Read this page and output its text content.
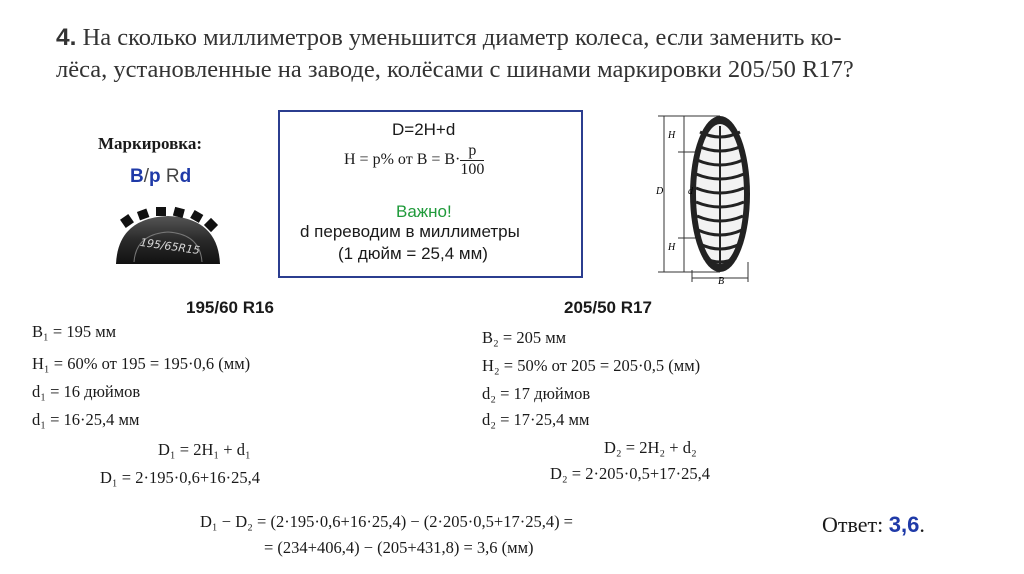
4. На сколько миллиметров уменьшится диаметр колеса, если заменить ко-
лёса, установленные на заводе, колёсами с шинами маркировки 205/50 R17?
Маркировка:
B/p Rd
195/65R15
D=2H+d
H = p% от $B = B\cdot \frac{p}{100}$
Важно!
d переводим в миллиметры
(1 дюйм = 25,4 мм)
H
D d
H
B
195/60 R16
B₁ = 195 мм
H₁ = 60% от 195 = 195·0,6 (мм)
d₁ = 16 дюймов
d₁ = 16·25,4 мм
D₁ = 2H₁ + d₁
D₁ = 2·195·0,6+16·25,4
205/50 R17
B₂ = 205 мм
H₂ = 50% от 205 = 205·0,5 (мм)
d₂ = 17 дюймов
d₂ = 17·25,4 мм
D₂ = 2H₂ + d₂
D₂ = 2·205·0,5+17·25,4
D₁ − D₂ = (2·195·0,6+16·25,4) − (2·205·0,5+17·25,4) =
= (234+406,4) − (205+431,8) = 3,6 (мм)
Ответ: 3,6.
